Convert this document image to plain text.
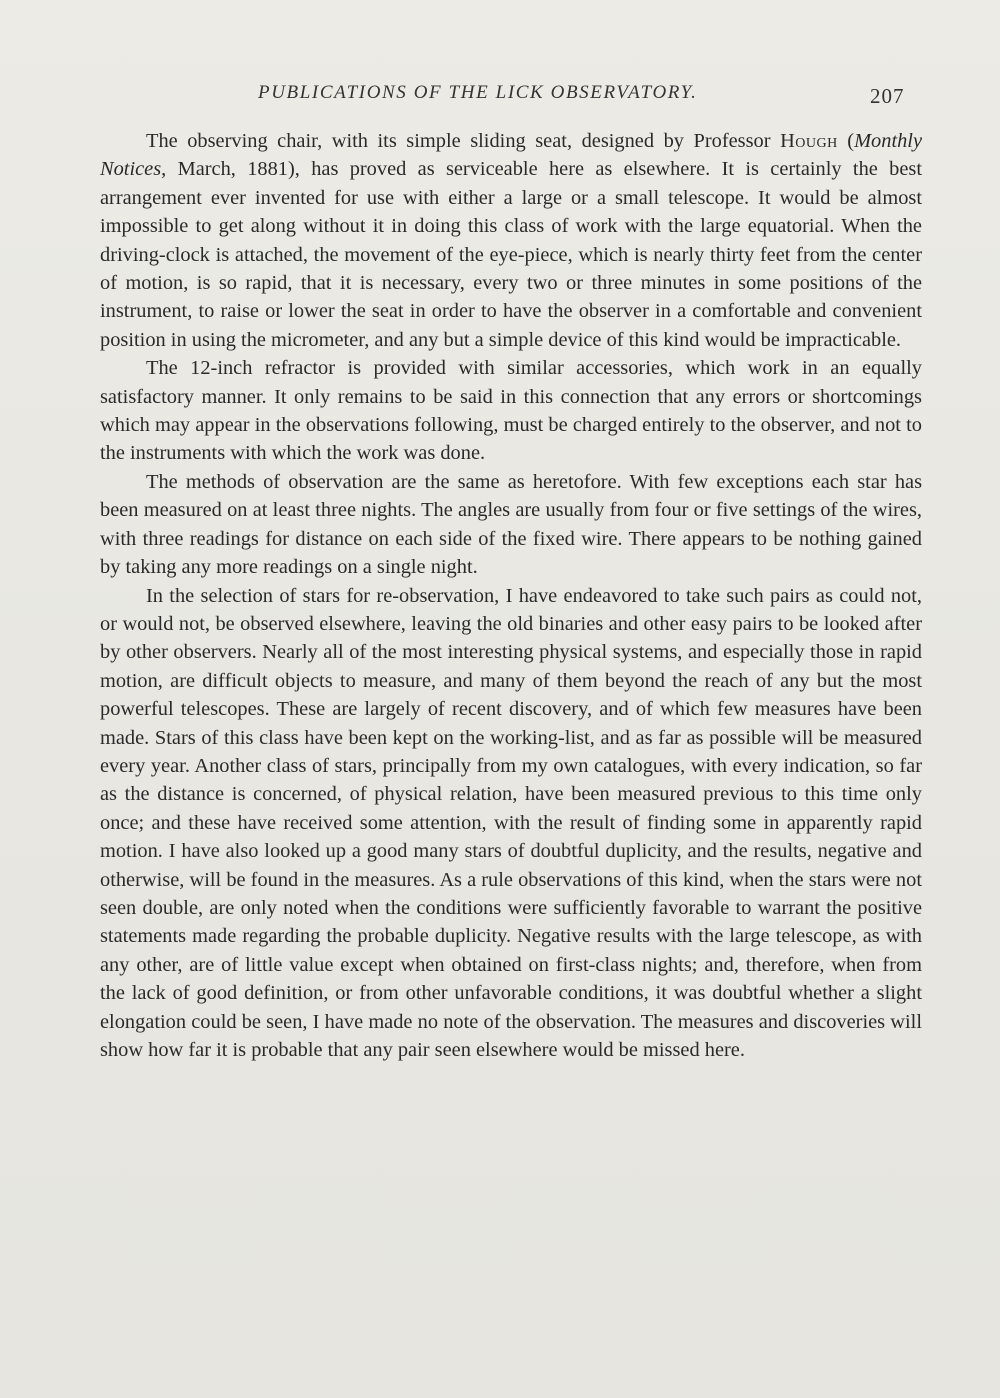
PUBLICATIONS OF THE LICK OBSERVATORY.	207

The observing chair, with its simple sliding seat, designed by Professor Hough (Monthly Notices, March, 1881), has proved as serviceable here as elsewhere. It is certainly the best arrangement ever invented for use with either a large or a small telescope. It would be almost impossible to get along without it in doing this class of work with the large equatorial. When the driving-clock is attached, the movement of the eye-piece, which is nearly thirty feet from the center of motion, is so rapid, that it is necessary, every two or three minutes in some positions of the instrument, to raise or lower the seat in order to have the observer in a comfortable and convenient position in using the micrometer, and any but a simple device of this kind would be impracticable.

The 12-inch refractor is provided with similar accessories, which work in an equally satisfactory manner. It only remains to be said in this connection that any errors or shortcomings which may appear in the observations following, must be charged entirely to the observer, and not to the instruments with which the work was done.

The methods of observation are the same as heretofore. With few exceptions each star has been measured on at least three nights. The angles are usually from four or five settings of the wires, with three readings for distance on each side of the fixed wire. There appears to be nothing gained by taking any more readings on a single night.

In the selection of stars for re-observation, I have endeavored to take such pairs as could not, or would not, be observed elsewhere, leaving the old binaries and other easy pairs to be looked after by other observers. Nearly all of the most interesting physical systems, and especially those in rapid motion, are difficult objects to measure, and many of them beyond the reach of any but the most powerful telescopes. These are largely of recent discovery, and of which few measures have been made. Stars of this class have been kept on the working-list, and as far as possible will be measured every year. Another class of stars, principally from my own catalogues, with every indication, so far as the distance is concerned, of physical relation, have been measured previous to this time only once; and these have received some attention, with the result of finding some in apparently rapid motion. I have also looked up a good many stars of doubtful duplicity, and the results, negative and otherwise, will be found in the measures. As a rule observations of this kind, when the stars were not seen double, are only noted when the conditions were sufficiently favorable to warrant the positive statements made regarding the probable duplicity. Negative results with the large telescope, as with any other, are of little value except when obtained on first-class nights; and, therefore, when from the lack of good definition, or from other unfavorable conditions, it was doubtful whether a slight elongation could be seen, I have made no note of the observation. The measures and discoveries will show how far it is probable that any pair seen elsewhere would be missed here.
